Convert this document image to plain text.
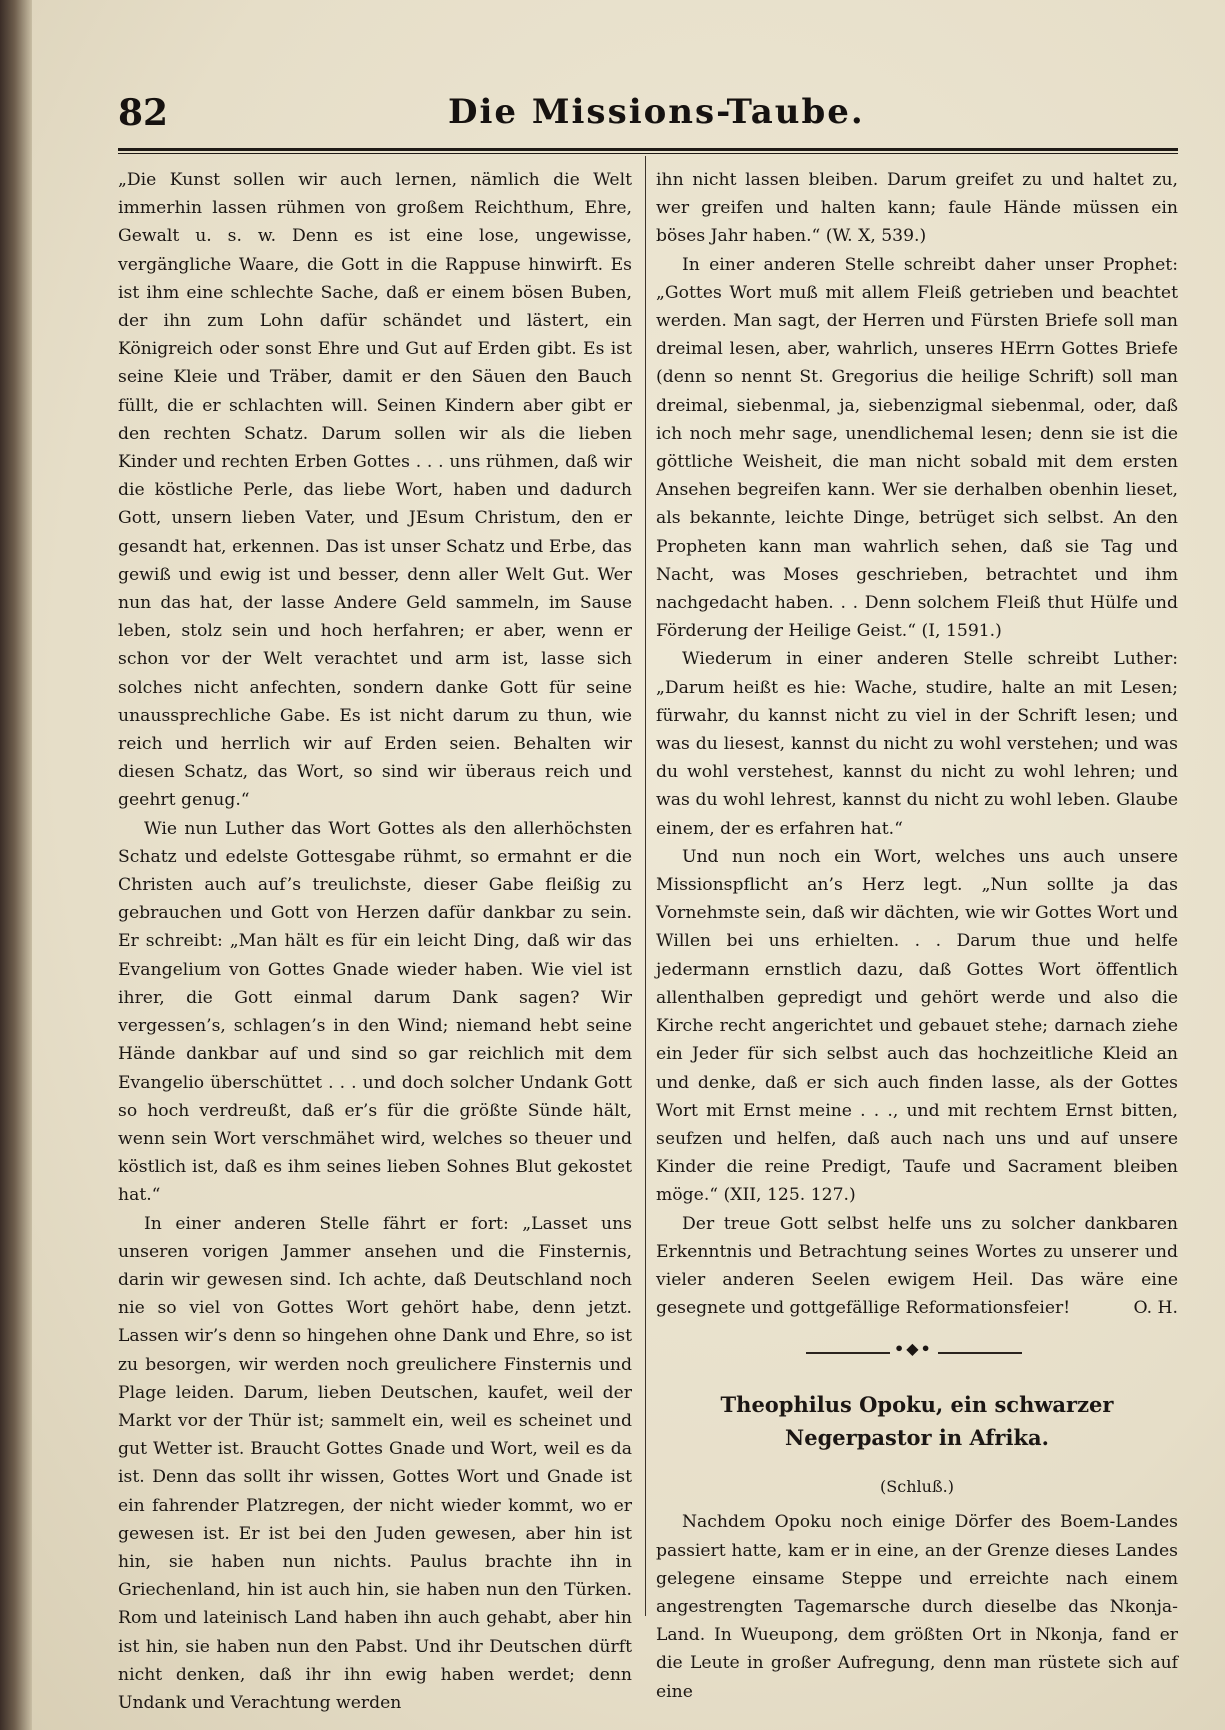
82	Die Missions-Taube.

„Die Kunst sollen wir auch lernen, nämlich die Welt immerhin lassen rühmen von großem Reichthum, Ehre, Gewalt u. s. w. Denn es ist eine lose, ungewisse, vergängliche Waare, die Gott in die Rappuse hinwirft. Es ist ihm eine schlechte Sache, daß er einem bösen Buben, der ihn zum Lohn dafür schändet und lästert, ein Königreich oder sonst Ehre und Gut auf Erden gibt. Es ist seine Kleie und Träber, damit er den Säuen den Bauch füllt, die er schlachten will. Seinen Kindern aber gibt er den rechten Schatz. Darum sollen wir als die lieben Kinder und rechten Erben Gottes . . . uns rühmen, daß wir die köstliche Perle, das liebe Wort, haben und dadurch Gott, unsern lieben Vater, und JEsum Christum, den er gesandt hat, erkennen. Das ist unser Schatz und Erbe, das gewiß und ewig ist und besser, denn aller Welt Gut. Wer nun das hat, der lasse Andere Geld sammeln, im Sause leben, stolz sein und hoch herfahren; er aber, wenn er schon vor der Welt verachtet und arm ist, lasse sich solches nicht anfechten, sondern danke Gott für seine unaussprechliche Gabe. Es ist nicht darum zu thun, wie reich und herrlich wir auf Erden seien. Behalten wir diesen Schatz, das Wort, so sind wir überaus reich und geehrt genug.“

Wie nun Luther das Wort Gottes als den allerhöchsten Schatz und edelste Gottesgabe rühmt, so ermahnt er die Christen auch auf’s treulichste, dieser Gabe fleißig zu gebrauchen und Gott von Herzen dafür dankbar zu sein. Er schreibt: „Man hält es für ein leicht Ding, daß wir das Evangelium von Gottes Gnade wieder haben. Wie viel ist ihrer, die Gott einmal darum Dank sagen? Wir vergessen’s, schlagen’s in den Wind; niemand hebt seine Hände dankbar auf und sind so gar reichlich mit dem Evangelio überschüttet . . . und doch solcher Undank Gott so hoch verdreußt, daß er’s für die größte Sünde hält, wenn sein Wort verschmähet wird, welches so theuer und köstlich ist, daß es ihm seines lieben Sohnes Blut gekostet hat.“

In einer anderen Stelle fährt er fort: „Lasset uns unseren vorigen Jammer ansehen und die Finsternis, darin wir gewesen sind. Ich achte, daß Deutschland noch nie so viel von Gottes Wort gehört habe, denn jetzt. Lassen wir’s denn so hingehen ohne Dank und Ehre, so ist zu besorgen, wir werden noch greulichere Finsternis und Plage leiden. Darum, lieben Deutschen, kaufet, weil der Markt vor der Thür ist; sammelt ein, weil es scheinet und gut Wetter ist. Braucht Gottes Gnade und Wort, weil es da ist. Denn das sollt ihr wissen, Gottes Wort und Gnade ist ein fahrender Platzregen, der nicht wieder kommt, wo er gewesen ist. Er ist bei den Juden gewesen, aber hin ist hin, sie haben nun nichts. Paulus brachte ihn in Griechenland, hin ist auch hin, sie haben nun den Türken. Rom und lateinisch Land haben ihn auch gehabt, aber hin ist hin, sie haben nun den Pabst. Und ihr Deutschen dürft nicht denken, daß ihr ihn ewig haben werdet; denn Undank und Verachtung werden

ihn nicht lassen bleiben. Darum greifet zu und haltet zu, wer greifen und halten kann; faule Hände müssen ein böses Jahr haben.“ (W. X, 539.)

In einer anderen Stelle schreibt daher unser Prophet: „Gottes Wort muß mit allem Fleiß getrieben und beachtet werden. Man sagt, der Herren und Fürsten Briefe soll man dreimal lesen, aber, wahrlich, unseres HErrn Gottes Briefe (denn so nennt St. Gregorius die heilige Schrift) soll man dreimal, siebenmal, ja, siebenzigmal siebenmal, oder, daß ich noch mehr sage, unendlichemal lesen; denn sie ist die göttliche Weisheit, die man nicht sobald mit dem ersten Ansehen begreifen kann. Wer sie derhalben obenhin lieset, als bekannte, leichte Dinge, betrüget sich selbst. An den Propheten kann man wahrlich sehen, daß sie Tag und Nacht, was Moses geschrieben, betrachtet und ihm nachgedacht haben. . . Denn solchem Fleiß thut Hülfe und Förderung der Heilige Geist.“ (I, 1591.)

Wiederum in einer anderen Stelle schreibt Luther: „Darum heißt es hie: Wache, studire, halte an mit Lesen; fürwahr, du kannst nicht zu viel in der Schrift lesen; und was du liesest, kannst du nicht zu wohl verstehen; und was du wohl verstehest, kannst du nicht zu wohl lehren; und was du wohl lehrest, kannst du nicht zu wohl leben. Glaube einem, der es erfahren hat.“

Und nun noch ein Wort, welches uns auch unsere Missionspflicht an’s Herz legt. „Nun sollte ja das Vornehmste sein, daß wir dächten, wie wir Gottes Wort und Willen bei uns erhielten. . . Darum thue und helfe jedermann ernstlich dazu, daß Gottes Wort öffentlich allenthalben gepredigt und gehört werde und also die Kirche recht angerichtet und gebauet stehe; darnach ziehe ein Jeder für sich selbst auch das hochzeitliche Kleid an und denke, daß er sich auch finden lasse, als der Gottes Wort mit Ernst meine . . ., und mit rechtem Ernst bitten, seufzen und helfen, daß auch nach uns und auf unsere Kinder die reine Predigt, Taufe und Sacrament bleiben möge.“ (XII, 125. 127.)

Der treue Gott selbst helfe uns zu solcher dankbaren Erkenntnis und Betrachtung seines Wortes zu unserer und vieler anderen Seelen ewigem Heil. Das wäre eine gesegnete und gottgefällige Reformationsfeier!	O. H.

•◆•
Theophilus Opoku, ein schwarzer Negerpastor in Afrika.
(Schluß.)

Nachdem Opoku noch einige Dörfer des Boem-Landes passiert hatte, kam er in eine, an der Grenze dieses Landes gelegene einsame Steppe und erreichte nach einem angestrengten Tagemarsche durch dieselbe das Nkonja-Land. In Wueupong, dem größten Ort in Nkonja, fand er die Leute in großer Aufregung, denn man rüstete sich auf eine
